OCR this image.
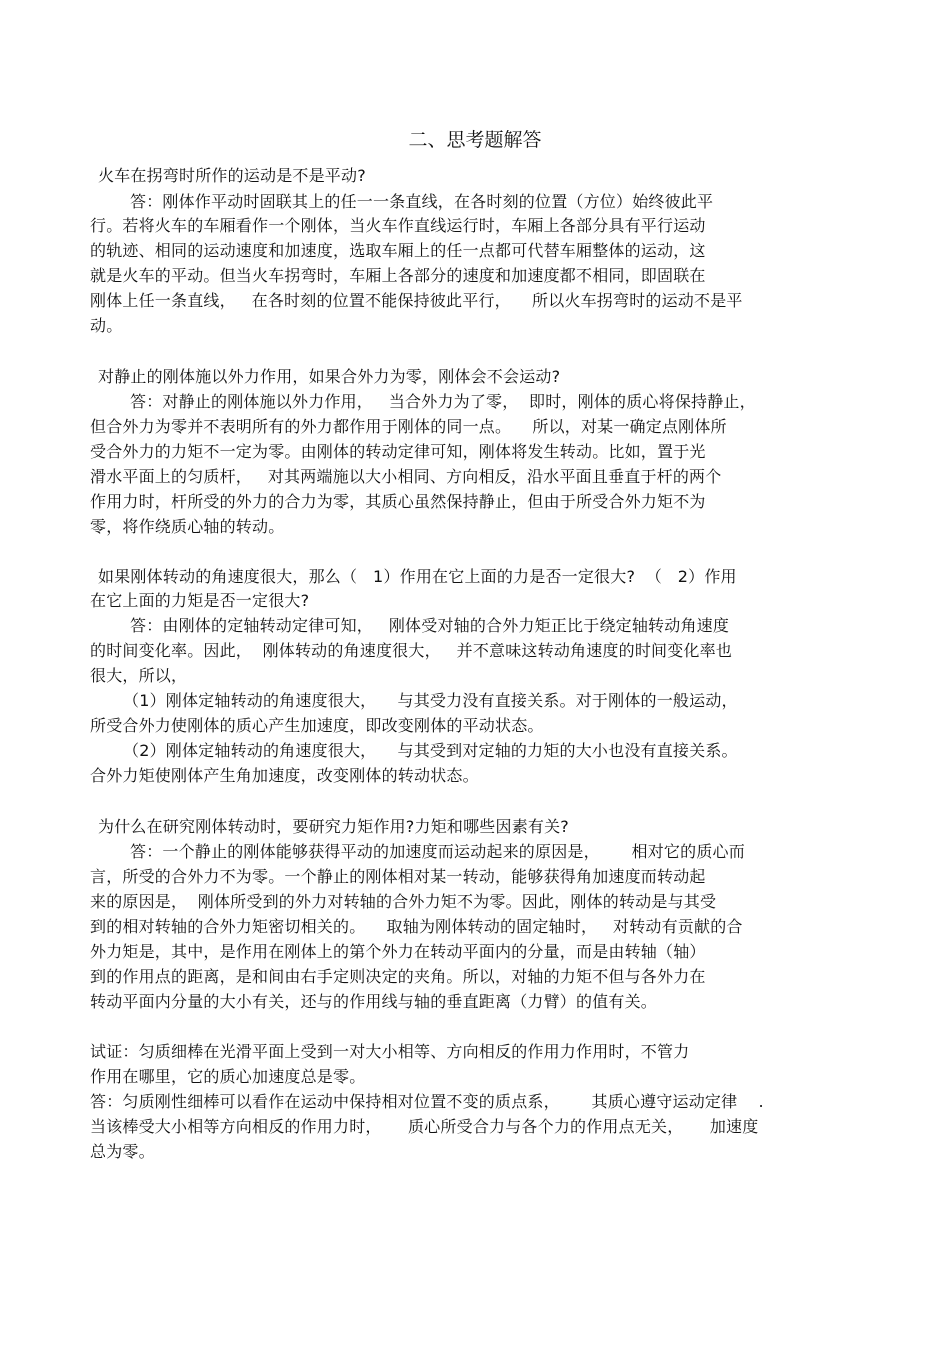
二、思考题解答
火车在拐弯时所作的运动是不是平动?
答：刚体作平动时固联其上的任一一条直线，在各时刻的位置（方位）始终彼此平
行。若将火车的车厢看作一个刚体，当火车作直线运行时，车厢上各部分具有平行运动
的轨迹、相同的运动速度和加速度，选取车厢上的任一点都可代替车厢整体的运动，这
就是火车的平动。但当火车拐弯时，车厢上各部分的速度和加速度都不相同，即固联在
刚体上任一条直线，   在各时刻的位置不能保持彼此平行，    所以火车拐弯时的运动不是平
动。
对静止的刚体施以外力作用，如果合外力为零，刚体会不会运动?
答：对静止的刚体施以外力作用，   当合外力为了零，  即时，刚体的质心将保持静止，
但合外力为零并不表明所有的外力都作用于刚体的同一点。    所以，对某一确定点刚体所
受合外力的力矩不一定为零。由刚体的转动定律可知，刚体将发生转动。比如，置于光
滑水平面上的匀质杆，   对其两端施以大小相同、方向相反，沿水平面且垂直于杆的两个
作用力时，杆所受的外力的合力为零，其质心虽然保持静止，但由于所受合外力矩不为
零，将作绕质心轴的转动。
如果刚体转动的角速度很大，那么（   1）作用在它上面的力是否一定很大?  （   2）作用
在它上面的力矩是否一定很大?
答：由刚体的定轴转动定律可知，   刚体受对轴的合外力矩正比于绕定轴转动角速度
的时间变化率。因此，  刚体转动的角速度很大，   并不意味这转动角速度的时间变化率也
很大，所以，
（1）刚体定轴转动的角速度很大，    与其受力没有直接关系。对于刚体的一般运动，
所受合外力使刚体的质心产生加速度，即改变刚体的平动状态。
（2）刚体定轴转动的角速度很大，    与其受到对定轴的力矩的大小也没有直接关系。
合外力矩使刚体产生角加速度，改变刚体的转动状态。
为什么在研究刚体转动时，要研究力矩作用?力矩和哪些因素有关?
答：一个静止的刚体能够获得平动的加速度而运动起来的原因是，      相对它的质心而
言，所受的合外力不为零。一个静止的刚体相对某一转动，能够获得角加速度而转动起
来的原因是，  刚体所受到的外力对转轴的合外力矩不为零。因此，刚体的转动是与其受
到的相对转轴的合外力矩密切相关的。    取轴为刚体转动的固定轴时，   对转动有贡献的合
外力矩是，其中，是作用在刚体上的第个外力在转动平面内的分量，而是由转轴（轴）
到的作用点的距离，是和间由右手定则决定的夹角。所以，对轴的力矩不但与各外力在
转动平面内分量的大小有关，还与的作用线与轴的垂直距离（力臂）的值有关。
试证：匀质细棒在光滑平面上受到一对大小相等、方向相反的作用力作用时，不管力
作用在哪里，它的质心加速度总是零。
答：匀质刚性细棒可以看作在运动中保持相对位置不变的质点系，      其质心遵守运动定律    .
当该棒受大小相等方向相反的作用力时，     质心所受合力与各个力的作用点无关，     加速度
总为零。
